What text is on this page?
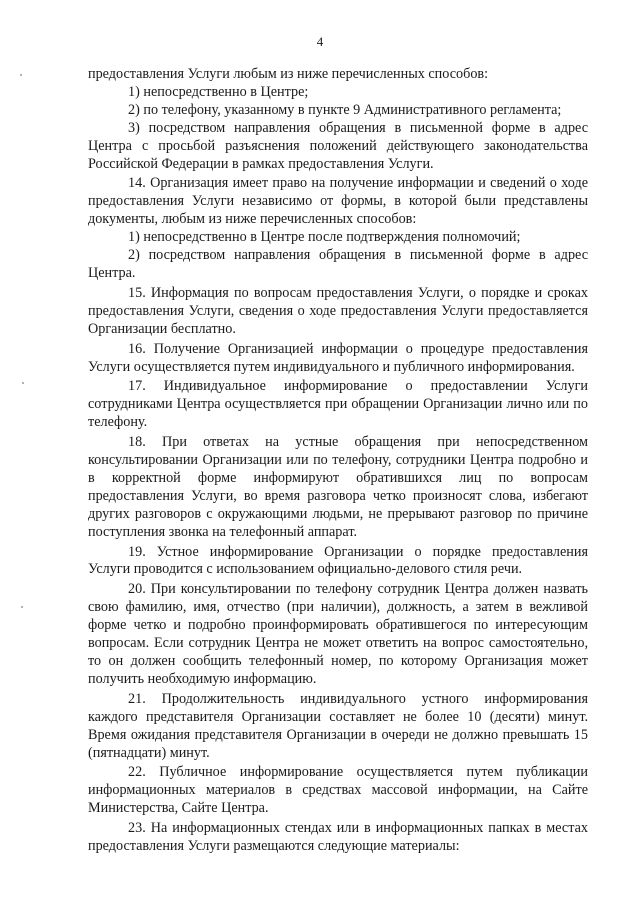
4

предоставления Услуги любым из ниже перечисленных способов:

1) непосредственно в Центре;

2) по телефону, указанному в пункте 9 Административного регламента;

3) посредством направления обращения в письменной форме в адрес Центра с просьбой разъяснения положений действующего законодательства Российской Федерации в рамках предоставления Услуги.

14. Организация имеет право на получение информации и сведений о ходе предоставления Услуги независимо от формы, в которой были представлены документы, любым из ниже перечисленных способов:

1) непосредственно в Центре после подтверждения полномочий;

2) посредством направления обращения в письменной форме в адрес Центра.

15. Информация по вопросам предоставления Услуги, о порядке и сроках предоставления Услуги, сведения о ходе предоставления Услуги предоставляется Организации бесплатно.

16. Получение Организацией информации о процедуре предоставления Услуги осуществляется путем индивидуального и публичного информирования.

17. Индивидуальное информирование о предоставлении Услуги сотрудниками Центра осуществляется при обращении Организации лично или по телефону.

18. При ответах на устные обращения при непосредственном консультировании Организации или по телефону, сотрудники Центра подробно и в корректной форме информируют обратившихся лиц по вопросам предоставления Услуги, во время разговора четко произносят слова, избегают других разговоров с окружающими людьми, не прерывают разговор по причине поступления звонка на телефонный аппарат.

19. Устное информирование Организации о порядке предоставления Услуги проводится с использованием официально-делового стиля речи.

20. При консультировании по телефону сотрудник Центра должен назвать свою фамилию, имя, отчество (при наличии), должность, а затем в вежливой форме четко и подробно проинформировать обратившегося по интересующим вопросам. Если сотрудник Центра не может ответить на вопрос самостоятельно, то он должен сообщить телефонный номер, по которому Организация может получить необходимую информацию.

21. Продолжительность индивидуального устного информирования каждого представителя Организации составляет не более 10 (десяти) минут. Время ожидания представителя Организации в очереди не должно превышать 15 (пятнадцати) минут.

22. Публичное информирование осуществляется путем публикации информационных материалов в средствах массовой информации, на Сайте Министерства, Сайте Центра.

23. На информационных стендах или в информационных папках в местах предоставления Услуги размещаются следующие материалы:
